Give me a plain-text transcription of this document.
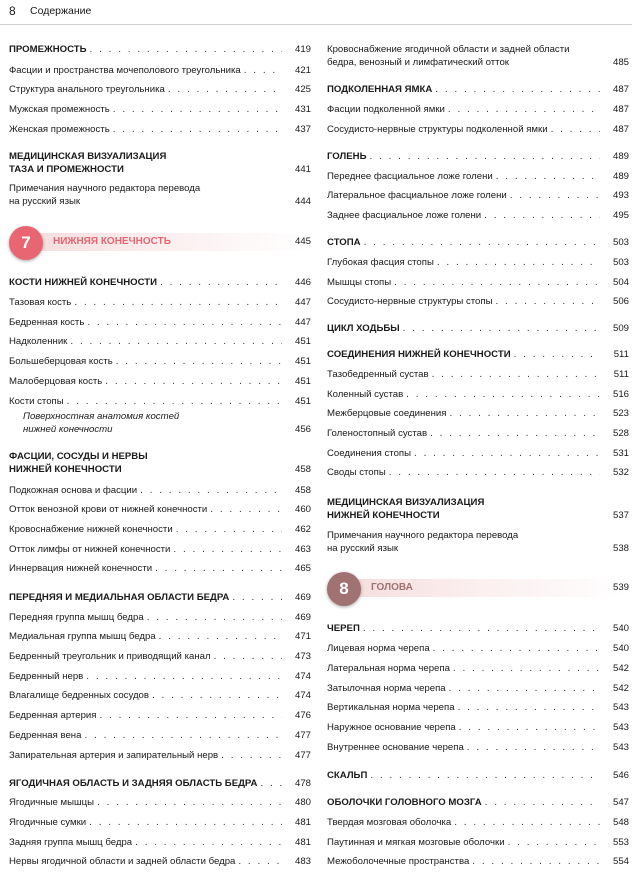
8 Содержание
ПРОМЕЖНОСТЬ . . .	419
Фасции и пространства мочеполового треугольника . . .	421
Структура анального треугольника . . .	425
Мужская промежность . . .	431
Женская промежность . . .	437
МЕДИЦИНСКАЯ ВИЗУАЛИЗАЦИЯ
ТАЗА И ПРОМЕЖНОСТИ	441
Примечания научного редактора перевода
на русский язык	444
7	НИЖНЯЯ КОНЕЧНОСТЬ	445
КОСТИ НИЖНЕЙ КОНЕЧНОСТИ . . .	446
Тазовая кость . . .	447
Бедренная кость . . .	447
Надколенник . . .	451
Большеберцовая кость . . .	451
Малоберцовая кость . . .	451
Кости стопы . . .	451
Поверхностная анатомия костей
нижней конечности	456
ФАСЦИИ, СОСУДЫ И НЕРВЫ
НИЖНЕЙ КОНЕЧНОСТИ	458
Подкожная основа и фасции . . .	458
Отток венозной крови от нижней конечности . . .	460
Кровоснабжение нижней конечности . . .	462
Отток лимфы от нижней конечности . . .	463
Иннервация нижней конечности . . .	465
ПЕРЕДНЯЯ И МЕДИАЛЬНАЯ ОБЛАСТИ БЕДРА . . .	469
Передняя группа мышц бедра . . .	469
Медиальная группа мышц бедра . . .	471
Бедренный треугольник и приводящий канал . . .	473
Бедренный нерв . . .	474
Влагалище бедренных сосудов . . .	474
Бедренная артерия . . .	476
Бедренная вена . . .	477
Запирательная артерия и запирательный нерв . . .	477
ЯГОДИЧНАЯ ОБЛАСТЬ И ЗАДНЯЯ ОБЛАСТЬ БЕДРА . . .	478
Ягодичные мышцы . . .	480
Ягодичные сумки . . .	481
Задняя группа мышц бедра . . .	481
Нервы ягодичной области и задней области бедра . . .	483
Кровоснабжение ягодичной области и задней области
бедра, венозный и лимфатический отток	485
ПОДКОЛЕННАЯ ЯМКА . . .	487
Фасции подколенной ямки . . .	487
Сосудисто-нервные структуры подколенной ямки . . .	487
ГОЛЕНЬ . . .	489
Переднее фасциальное ложе голени . . .	489
Латеральное фасциальное ложе голени . . .	493
Заднее фасциальное ложе голени . . .	495
СТОПА . . .	503
Глубокая фасция стопы . . .	503
Мышцы стопы . . .	504
Сосудисто-нервные структуры стопы . . .	506
ЦИКЛ ХОДЬБЫ . . .	509
СОЕДИНЕНИЯ НИЖНЕЙ КОНЕЧНОСТИ . . .	511
Тазобедренный сустав . . .	511
Коленный сустав . . .	516
Межберцовые соединения . . .	523
Голеностопный сустав . . .	528
Соединения стопы . . .	531
Своды стопы . . .	532
МЕДИЦИНСКАЯ ВИЗУАЛИЗАЦИЯ
НИЖНЕЙ КОНЕЧНОСТИ	537
Примечания научного редактора перевода
на русский язык	538
8	ГОЛОВА	539
ЧЕРЕП . . .	540
Лицевая норма черепа . . .	540
Латеральная норма черепа . . .	542
Затылочная норма черепа . . .	542
Вертикальная норма черепа . . .	543
Наружное основание черепа . . .	543
Внутреннее основание черепа . . .	543
СКАЛЬП . . .	546
ОБОЛОЧКИ ГОЛОВНОГО МОЗГА . . .	547
Твердая мозговая оболочка . . .	548
Паутинная и мягкая мозговые оболочки . . .	553
Межоболочечные пространства . . .	554
